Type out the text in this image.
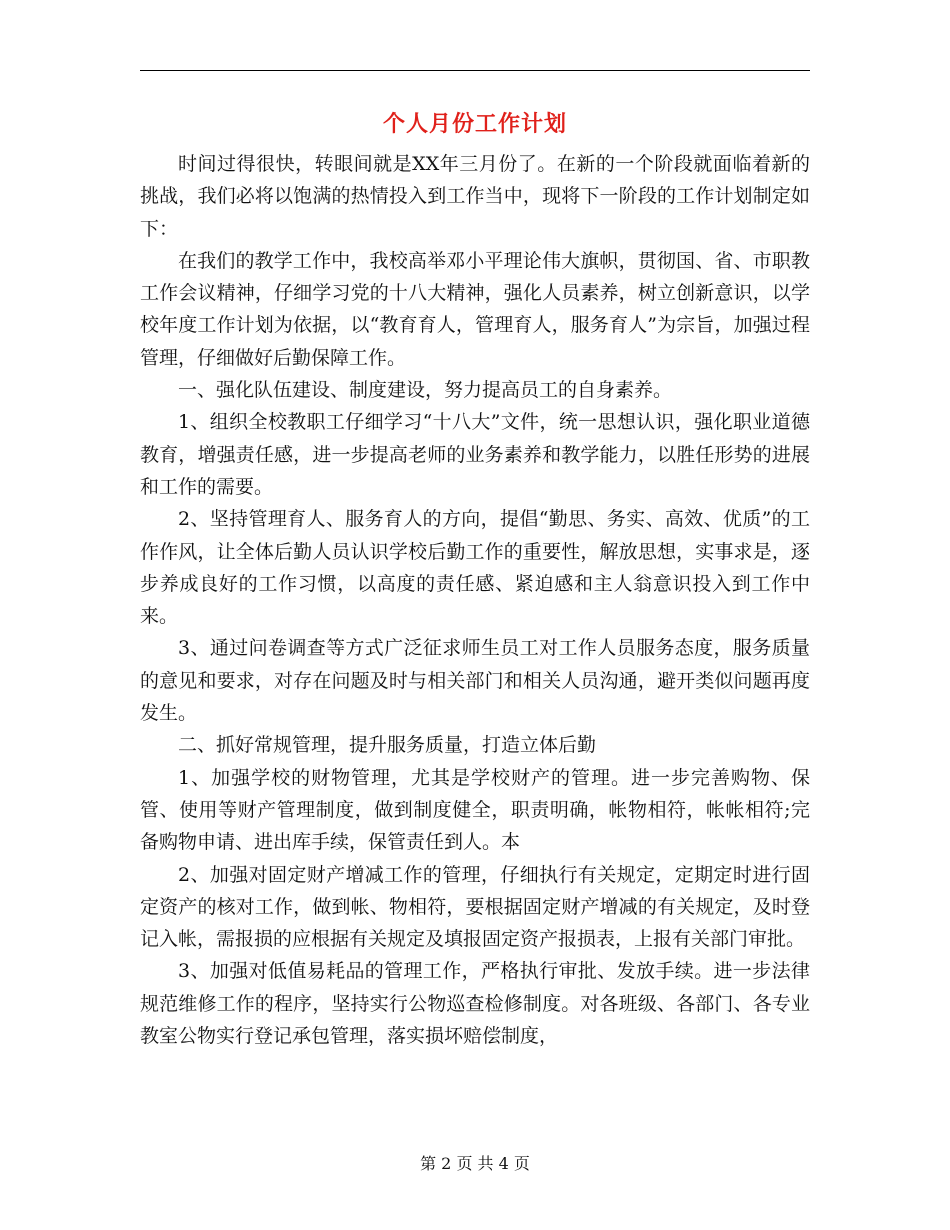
个人月份工作计划

时间过得很快，转眼间就是XX年三月份了。在新的一个阶段就面临着新的挑战，我们必将以饱满的热情投入到工作当中，现将下一阶段的工作计划制定如下：

在我们的教学工作中，我校高举邓小平理论伟大旗帜，贯彻国、省、市职教工作会议精神，仔细学习党的十八大精神，强化人员素养，树立创新意识，以学校年度工作计划为依据，以“教育育人，管理育人，服务育人”为宗旨，加强过程管理，仔细做好后勤保障工作。

一、强化队伍建设、制度建设，努力提高员工的自身素养。

1、组织全校教职工仔细学习“十八大”文件，统一思想认识，强化职业道德教育，增强责任感，进一步提高老师的业务素养和教学能力，以胜任形势的进展和工作的需要。

2、坚持管理育人、服务育人的方向，提倡“勤思、务实、高效、优质”的工作作风，让全体后勤人员认识学校后勤工作的重要性，解放思想，实事求是，逐步养成良好的工作习惯，以高度的责任感、紧迫感和主人翁意识投入到工作中来。

3、通过问卷调查等方式广泛征求师生员工对工作人员服务态度，服务质量的意见和要求，对存在问题及时与相关部门和相关人员沟通，避开类似问题再度发生。

二、抓好常规管理，提升服务质量，打造立体后勤

1、加强学校的财物管理，尤其是学校财产的管理。进一步完善购物、保管、使用等财产管理制度，做到制度健全，职责明确，帐物相符，帐帐相符;完备购物申请、进出库手续，保管责任到人。本

2、加强对固定财产增减工作的管理，仔细执行有关规定，定期定时进行固定资产的核对工作，做到帐、物相符，要根据固定财产增减的有关规定，及时登记入帐，需报损的应根据有关规定及填报固定资产报损表，上报有关部门审批。

3、加强对低值易耗品的管理工作，严格执行审批、发放手续。进一步法律规范维修工作的程序，坚持实行公物巡查检修制度。对各班级、各部门、各专业教室公物实行登记承包管理，落实损坏赔偿制度，

第 2 页 共 4 页
